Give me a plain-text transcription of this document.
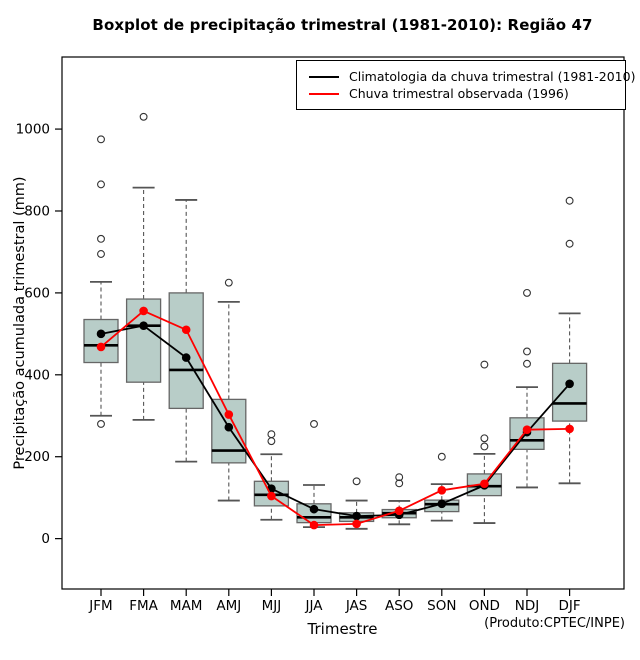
Boxplot de precipitação trimestral (1981-2010): Região 47
Precipitação acumulada trimestral (mm)
0
200
400
600
800
1000
JFM FMA MAM AMJ MJJ JJA JAS ASO SON OND NDJ DJF
Climatologia da chuva trimestral (1981-2010)
Chuva trimestral observada (1996)
Trimestre	(Produto:CPTEC/INPE)
